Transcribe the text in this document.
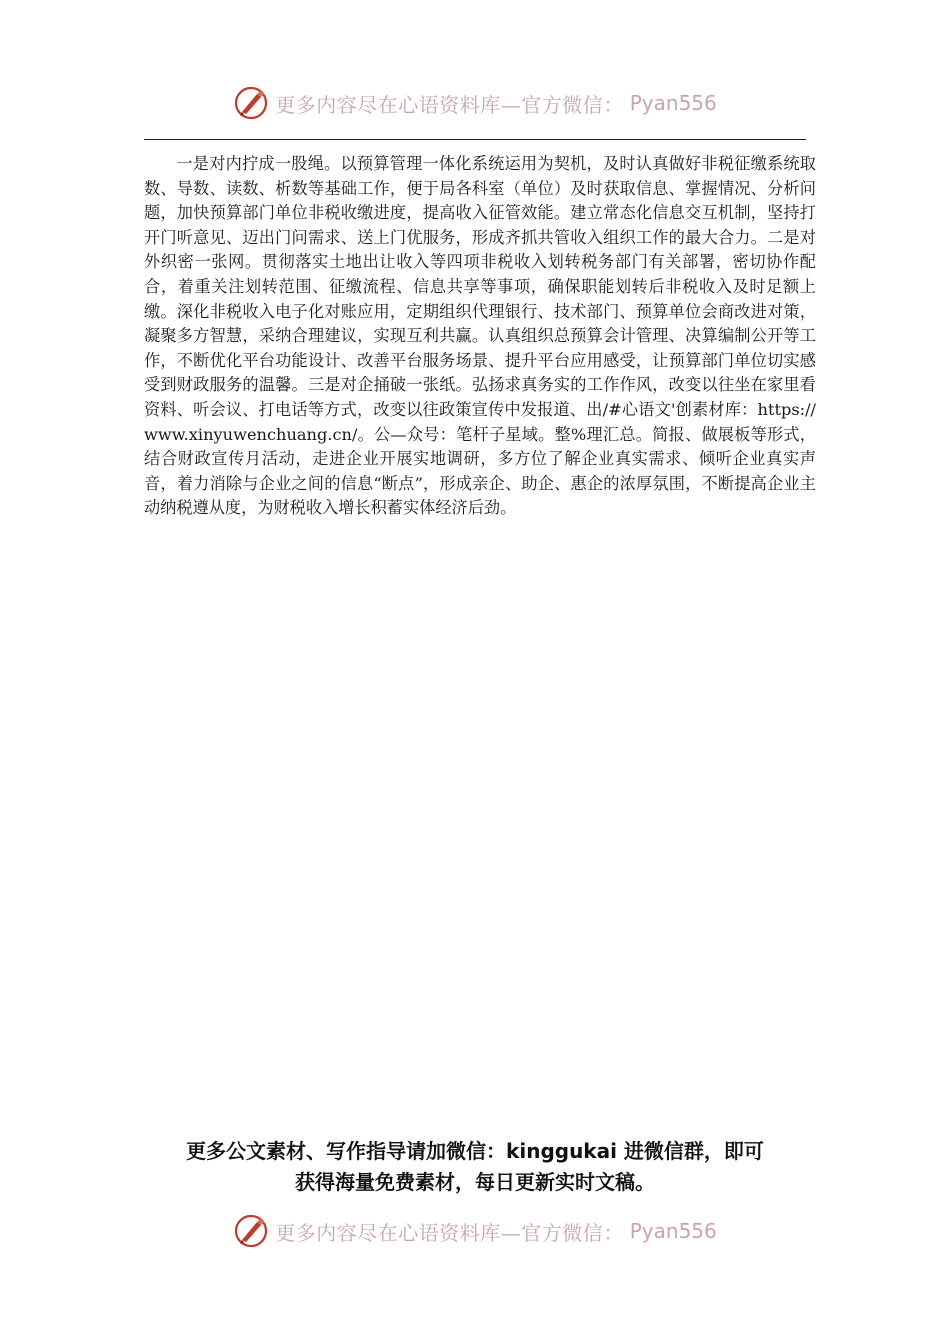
更多内容尽在心语资料库—官方微信： Pyan556

一是对内拧成一股绳。以预算管理一体化系统运用为契机，及时认真做好非税征缴系统取数、导数、读数、析数等基础工作，便于局各科室（单位）及时获取信息、掌握情况、分析问题，加快预算部门单位非税收缴进度，提高收入征管效能。建立常态化信息交互机制，坚持打开门听意见、迈出门问需求、送上门优服务，形成齐抓共管收入组织工作的最大合力。二是对外织密一张网。贯彻落实土地出让收入等四项非税收入划转税务部门有关部署，密切协作配合，着重关注划转范围、征缴流程、信息共享等事项，确保职能划转后非税收入及时足额上缴。深化非税收入电子化对账应用，定期组织代理银行、技术部门、预算单位会商改进对策，凝聚多方智慧，采纳合理建议，实现互利共赢。认真组织总预算会计管理、决算编制公开等工作，不断优化平台功能设计、改善平台服务场景、提升平台应用感受，让预算部门单位切实感受到财政服务的温馨。三是对企捅破一张纸。弘扬求真务实的工作作风，改变以往坐在家里看资料、听会议、打电话等方式，改变以往政策宣传中发报道、出/#心语文'创素材库：https://www.xinyuwenchuang.cn/。公—众号：笔杆子星域。整%理汇总。简报、做展板等形式，结合财政宣传月活动，走进企业开展实地调研，多方位了解企业真实需求、倾听企业真实声音，着力消除与企业之间的信息“断点”，形成亲企、助企、惠企的浓厚氛围，不断提高企业主动纳税遵从度，为财税收入增长积蓄实体经济后劲。

更多公文素材、写作指导请加微信：kinggukai 进微信群，即可
获得海量免费素材，每日更新实时文稿。
更多内容尽在心语资料库—官方微信： Pyan556
